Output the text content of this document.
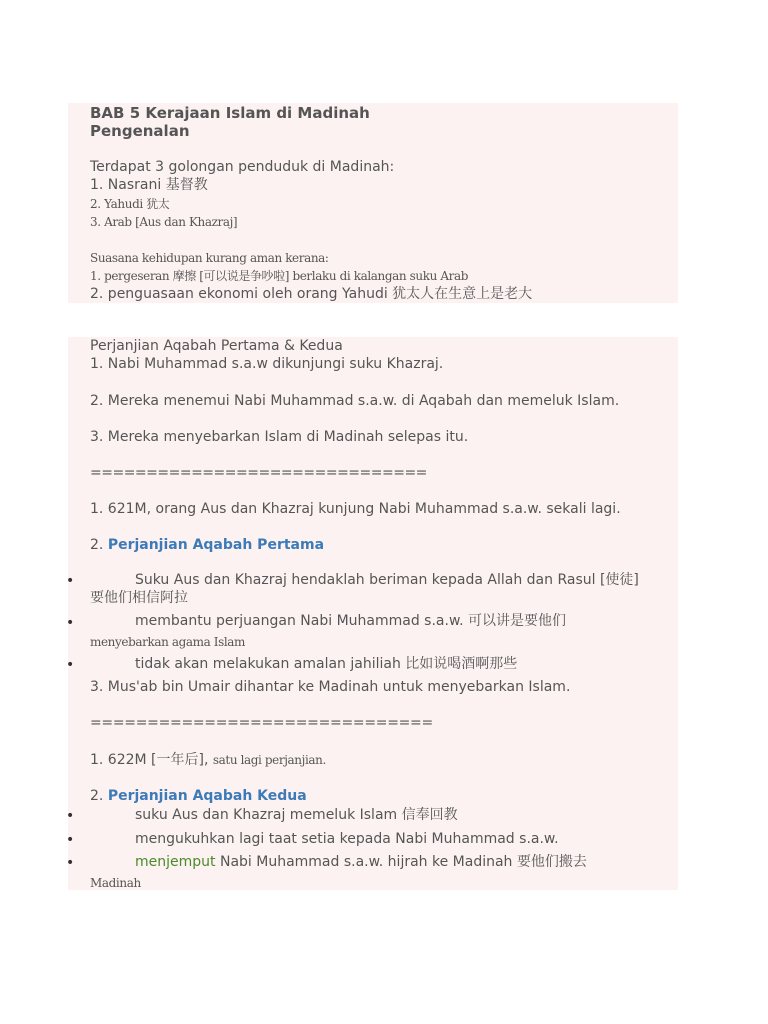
BAB 5 Kerajaan Islam di Madinah
Pengenalan
Terdapat 3 golongan penduduk di Madinah:
1. Nasrani 基督教
2. Yahudi 犹太
3. Arab [Aus dan Khazraj]
Suasana kehidupan kurang aman kerana:
1. pergeseran 摩擦 [可以说是争吵啦] berlaku di kalangan suku Arab
2. penguasaan ekonomi oleh orang Yahudi 犹太人在生意上是老大
Perjanjian Aqabah Pertama & Kedua
1. Nabi Muhammad s.a.w dikunjungi suku Khazraj.
2. Mereka menemui Nabi Muhammad s.a.w. di Aqabah dan memeluk Islam.
3. Mereka menyebarkan Islam di Madinah selepas itu.
==============================
1. 621M, orang Aus dan Khazraj kunjung Nabi Muhammad s.a.w. sekali lagi.
2. Perjanjian Aqabah Pertama
•	Suku Aus dan Khazraj hendaklah beriman kepada Allah dan Rasul [使徒]
要他们相信阿拉
•	membantu perjuangan Nabi Muhammad s.a.w. 可以讲是要他们
menyebarkan agama Islam
•	tidak akan melakukan amalan jahiliah 比如说喝酒啊那些
3. Mus'ab bin Umair dihantar ke Madinah untuk menyebarkan Islam.
==============================
1. 622M [一年后], satu lagi perjanjian.
2. Perjanjian Aqabah Kedua
•	suku Aus dan Khazraj memeluk Islam 信奉回教
•	mengukuhkan lagi taat setia kepada Nabi Muhammad s.a.w.
•	menjemput Nabi Muhammad s.a.w. hijrah ke Madinah 要他们搬去
Madinah
